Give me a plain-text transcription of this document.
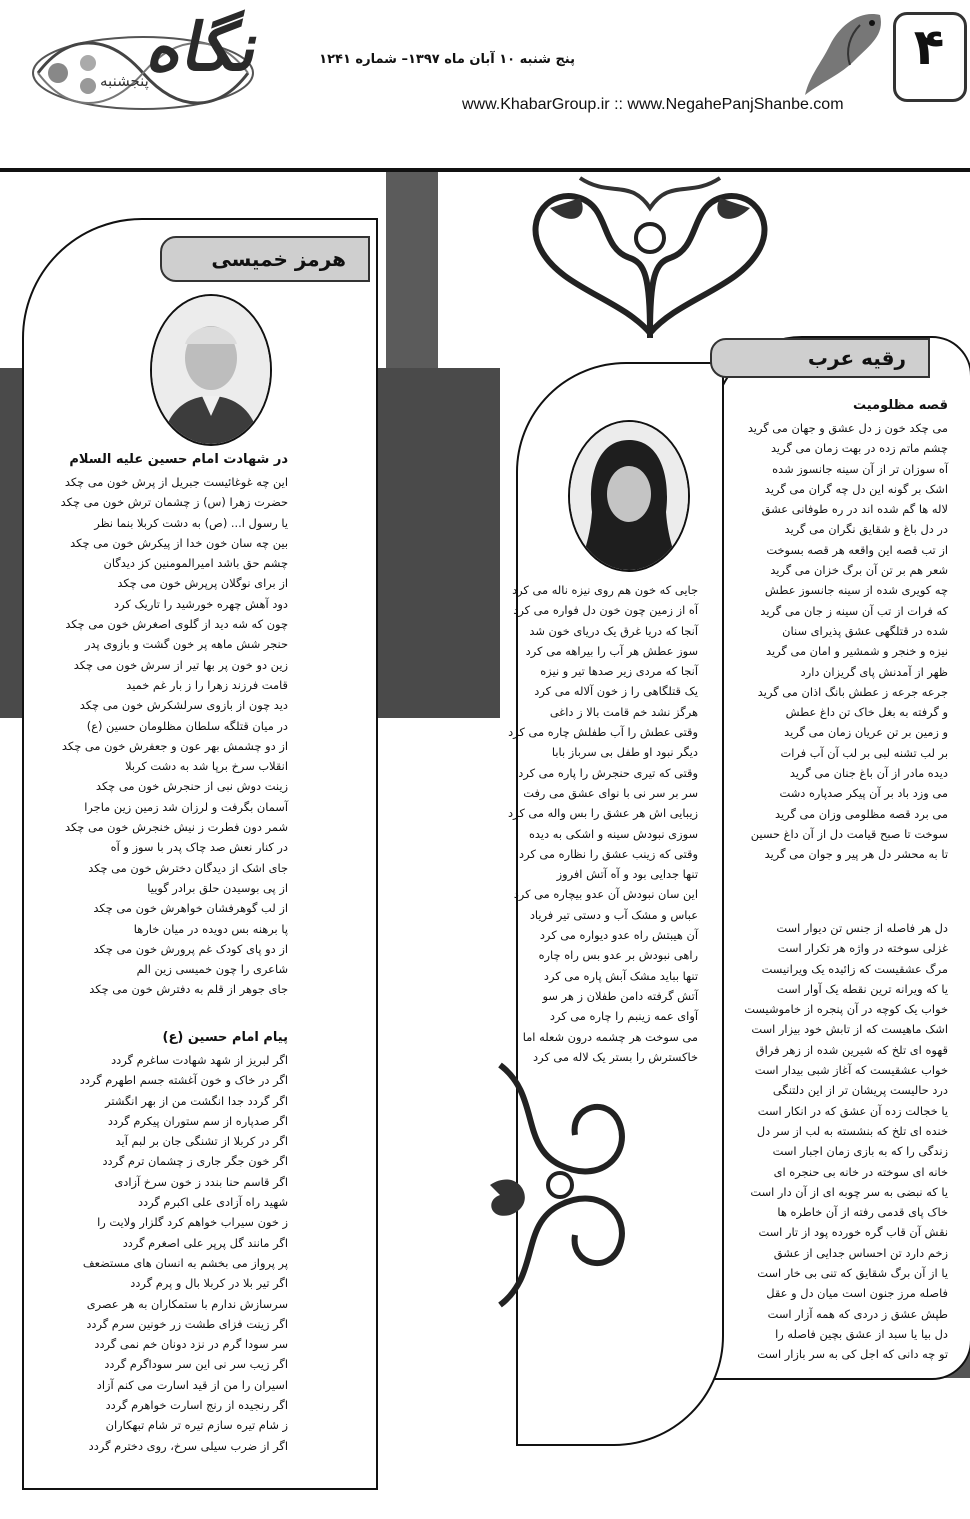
نگاه
پنجشنبه
پنج شنبه ۱۰ آبان ماه ۱۳۹۷– شماره ۱۲۴۱
www.KhabarGroup.ir :: www.NegahePanjShanbe.com
۴
هرمز خمیسی
رقیه عرب
در شهادت امام حسین علیه السلام
این چه غوغائیست جبریل از پرش خون می چکد
حضرت زهرا (س) ز چشمان ترش خون می چکد
یا رسول ا... (ص) به دشت کربلا بنما نظر
بین چه سان خون خدا از پیکرش خون می چکد
چشم حق باشد امیرالمومنین کز دیدگان
از برای نوگلان پرپرش خون می چکد
دود آهش چهره خورشید را تاریک کرد
چون که شه دید از گلوی اصغرش خون می چکد
حنجر شش ماهه پر خون گشت و بازوی پدر
زین دو خون پر بها تیر از سرش خون می چکد
قامت فرزند زهرا را ز بار غم خمید
دید چون از بازوی سرلشکرش خون می چکد
در میان قتلگه سلطان مظلومان حسین (ع)
از دو چشمش بهر عون و جعفرش خون می چکد
انقلاب سرخ برپا شد به دشت کربلا
زینت دوش نبی از حنجرش خون می چکد
آسمان بگرفت و لرزان شد زمین زین ماجرا
شمر دون فطرت ز نیش خنجرش خون می چکد
در کنار نعش صد چاک پدر با سوز و آه
جای اشک از دیدگان دخترش خون می چکد
از پی بوسیدن حلق برادر گوییا
از لب گوهرفشان خواهرش خون می چکد
پا برهنه بس دویده در میان خارها
از دو پای کودک غم پرورش خون می چکد
شاعری را چون خمیسی زین الم
جای جوهر از قلم به دفترش خون می چکد
پیام امام حسین (ع)
اگر لبریز از شهد شهادت ساغرم گردد
اگر در خاک و خون آغشته جسم اطهرم گردد
اگر گردد جدا انگشت من از بهر انگشتر
اگر صدپاره از سم ستوران پیکرم گردد
اگر در کربلا از تشنگی جان بر لبم آید
اگر خون جگر جاری ز چشمان ترم گردد
اگر قاسم حنا بندد ز خون سرخ آزادی
شهید راه آزادی علی اکبرم گردد
ز خون سیراب خواهم کرد گلزار ولایت را
اگر مانند گل پرپر علی اصغرم گردد
پر پرواز می بخشم به انسان های مستضعف
اگر تیر بلا در کربلا بال و پرم گردد
سرسازش ندارم با ستمکاران به هر عصری
اگر زینت فزای طشت زر خونین سرم گردد
سر سودا گرم در نزد دونان خم نمی گردد
اگر زیب سر نی این سر سوداگرم گردد
اسیران را من از قید اسارت می کنم آزاد
اگر رنجیده از رنج اسارت خواهرم گردد
ز شام تیره سازم تیره تر شام تبهکاران
اگر از ضرب سیلی سرخ، روی دخترم گردد
جایی که خون هم روی نیزه ناله می کرد
آه از زمین چون خون دل فواره می کرد
آنجا که دریا غرق یک دریای خون شد
سوز عطش هر آب را بیراهه می کرد
آنجا که مردی زیر صدها تیر و نیزه
یک قتلگاهی را ز خون آلاله می کرد
هرگز نشد خم قامت بالا ز داغی
وقتی عطش را آب طفلش چاره می کرد
دیگر نبود او طفل بی سرباز بابا
وقتی که تیری حنجرش را پاره می کرد
سر بر سر نی با نوای عشق می رفت
زیبایی اش هر عشق را بس واله می کرد
سوزی نبودش سینه و اشکی به دیده
وقتی که زینب عشق را نظاره می کرد
تنها جدایی بود و آه آتش افروز
این سان نبودش آن عدو بیچاره می کرد
عباس و مشک آب و دستی تیر فریاد
آن هیبتش راه عدو دیواره می کرد
راهی نبودش بر عدو بس راه چاره
تنها بباید مشک آبش پاره می کرد
آتش گرفته دامن طفلان ز هر سو
آوای عمه زینبم را چاره می کرد
می سوخت هر چشمه درون شعله اما
خاکسترش را بستر یک لاله می کرد
قصه مظلومیت
می چکد خون ز دل عشق و جهان می گرید
چشم ماتم زده در بهت زمان می گرید
آه سوزان تر از آن سینه جانسوز شده
اشک بر گونه این دل چه گران می گرید
لاله ها گم شده اند در ره طوفانی عشق
در دل باغ و شقایق نگران می گرید
از تب قصه این واقعه هر قصه بسوخت
شعر هم بر تن آن برگ خزان می گرید
چه کویری شده از سینه جانسوز عطش
که فرات از تب آن سینه ز جان می گرید
شده در قتلگهی عشق پذیرای سنان
نیزه و خنجر و شمشیر و امان می گرید
ظهر از آمدنش پای گریزان دارد
جرعه جرعه ز عطش بانگ اذان می گرید
و گرفته به بغل خاک تن داغ عطش
و زمین بر تن عریان زمان می گرید
بر لب تشنه لبی بر لب آن آب فرات
دیده مادر از آن باغ جنان می گرید
می وزد باد بر آن پیکر صدپاره دشت
می برد قصه مظلومی وزان می گرید
سوخت تا صبح قیامت دل از آن داغ حسین
تا به محشر دل هر پیر و جوان می گرید
دل هر فاصله از جنس تن دیوار است
غزلی سوخته در واژه هر تکرار است
مرگ عشقیست که زائیده یک ویرانیست
یا که ویرانه ترین نقطه یک آوار است
خواب یک کوچه در آن پنجره از خاموشیست
اشک ماهیست که از تابش خود بیزار است
قهوه ای تلخ که شیرین شده از زهر فراق
خواب عشقیست که آغاز شبی بیدار است
درد حالیست پریشان تر از این دلتنگی
یا خجالت زده آن عشق که در انکار است
خنده ای تلخ که بنشسته به لب از سر دل
زندگی را که به بازی زمان اجبار است
خانه ای سوخته در خانه بی حنجره ای
یا که نبضی به سر چوبه ای از آن دار است
خاک پای قدمی رفته از آن خاطره ها
نقش آن قاب گره خورده پود از تار است
زخم دارد تن احساس جدایی از عشق
یا از آن برگ شقایق که تنی بی خار است
فاصله مرز جنون است میان دل و عقل
طپش عشق ز دردی که همه آزار است
دل بیا یا سبد از عشق بچین فاصله را
تو چه دانی که اجل کی به سر بازار است
